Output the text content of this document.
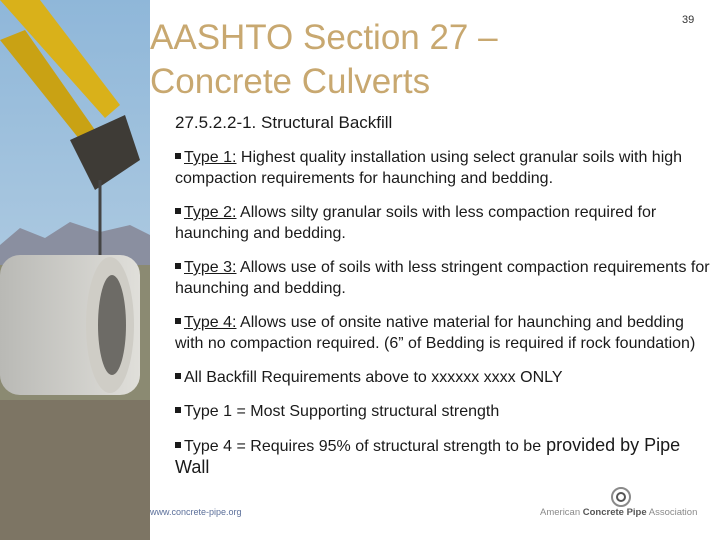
AASHTO Section 27 –
Concrete Culverts
39
27.5.2.2-1. Structural Backfill
Type 1: Highest quality installation using select granular soils with high compaction requirements for haunching and bedding.
Type 2: Allows silty granular soils with less compaction required for haunching and bedding.
Type 3: Allows use of soils with less stringent compaction requirements for haunching and bedding.
Type 4: Allows use of onsite native material for haunching and bedding with no compaction required. (6” of Bedding is required if rock foundation)
All Backfill Requirements above to xxxxxx xxxx ONLY
Type 1 = Most Supporting structural strength
Type 4 = Requires 95% of structural strength to be provided by Pipe Wall
www.concrete-pipe.org	American Concrete Pipe Association
